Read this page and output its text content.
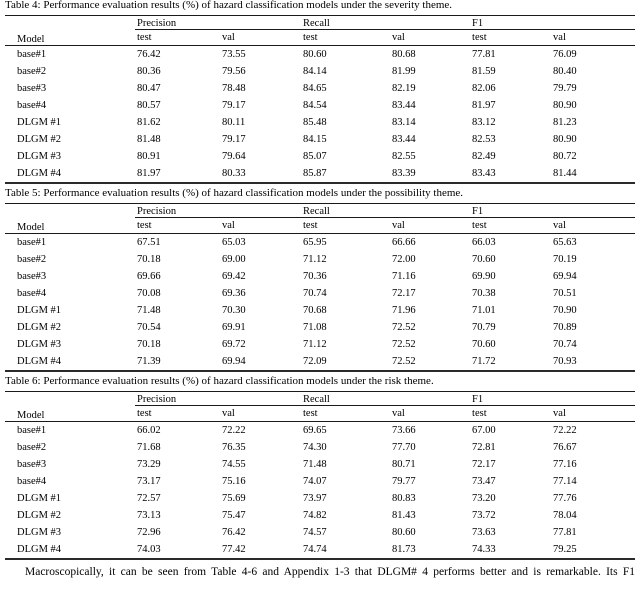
Table 4: Performance evaluation results (%) of hazard classification models under the severity theme.
Model	Precision		Recall		F1	
	test	val	test	val	test	val
base#1	76.42	73.55	80.60	80.68	77.81	76.09
base#2	80.36	79.56	84.14	81.99	81.59	80.40
base#3	80.47	78.48	84.65	82.19	82.06	79.79
base#4	80.57	79.17	84.54	83.44	81.97	80.90
DLGM #1	81.62	80.11	85.48	83.14	83.12	81.23
DLGM #2	81.48	79.17	84.15	83.44	82.53	80.90
DLGM #3	80.91	79.64	85.07	82.55	82.49	80.72
DLGM #4	81.97	80.33	85.87	83.39	83.43	81.44
Table 5: Performance evaluation results (%) of hazard classification models under the possibility theme.
Model	Precision		Recall		F1	
	test	val	test	val	test	val
base#1	67.51	65.03	65.95	66.66	66.03	65.63
base#2	70.18	69.00	71.12	72.00	70.60	70.19
base#3	69.66	69.42	70.36	71.16	69.90	69.94
base#4	70.08	69.36	70.74	72.17	70.38	70.51
DLGM #1	71.48	70.30	70.68	71.96	71.01	70.90
DLGM #2	70.54	69.91	71.08	72.52	70.79	70.89
DLGM #3	70.18	69.72	71.12	72.52	70.60	70.74
DLGM #4	71.39	69.94	72.09	72.52	71.72	70.93
Table 6: Performance evaluation results (%) of hazard classification models under the risk theme.
Model	Precision		Recall		F1	
	test	val	test	val	test	val
base#1	66.02	72.22	69.65	73.66	67.00	72.22
base#2	71.68	76.35	74.30	77.70	72.81	76.67
base#3	73.29	74.55	71.48	80.71	72.17	77.16
base#4	73.17	75.16	74.07	79.77	73.47	77.14
DLGM #1	72.57	75.69	73.97	80.83	73.20	77.76
DLGM #2	73.13	75.47	74.82	81.43	73.72	78.04
DLGM #3	72.96	76.42	74.57	80.60	73.63	77.81
DLGM #4	74.03	77.42	74.74	81.73	74.33	79.25

Macroscopically, it can be seen from Table 4-6 and Appendix 1-3 that DLGM# 4 performs better and is remarkable. Its F1
